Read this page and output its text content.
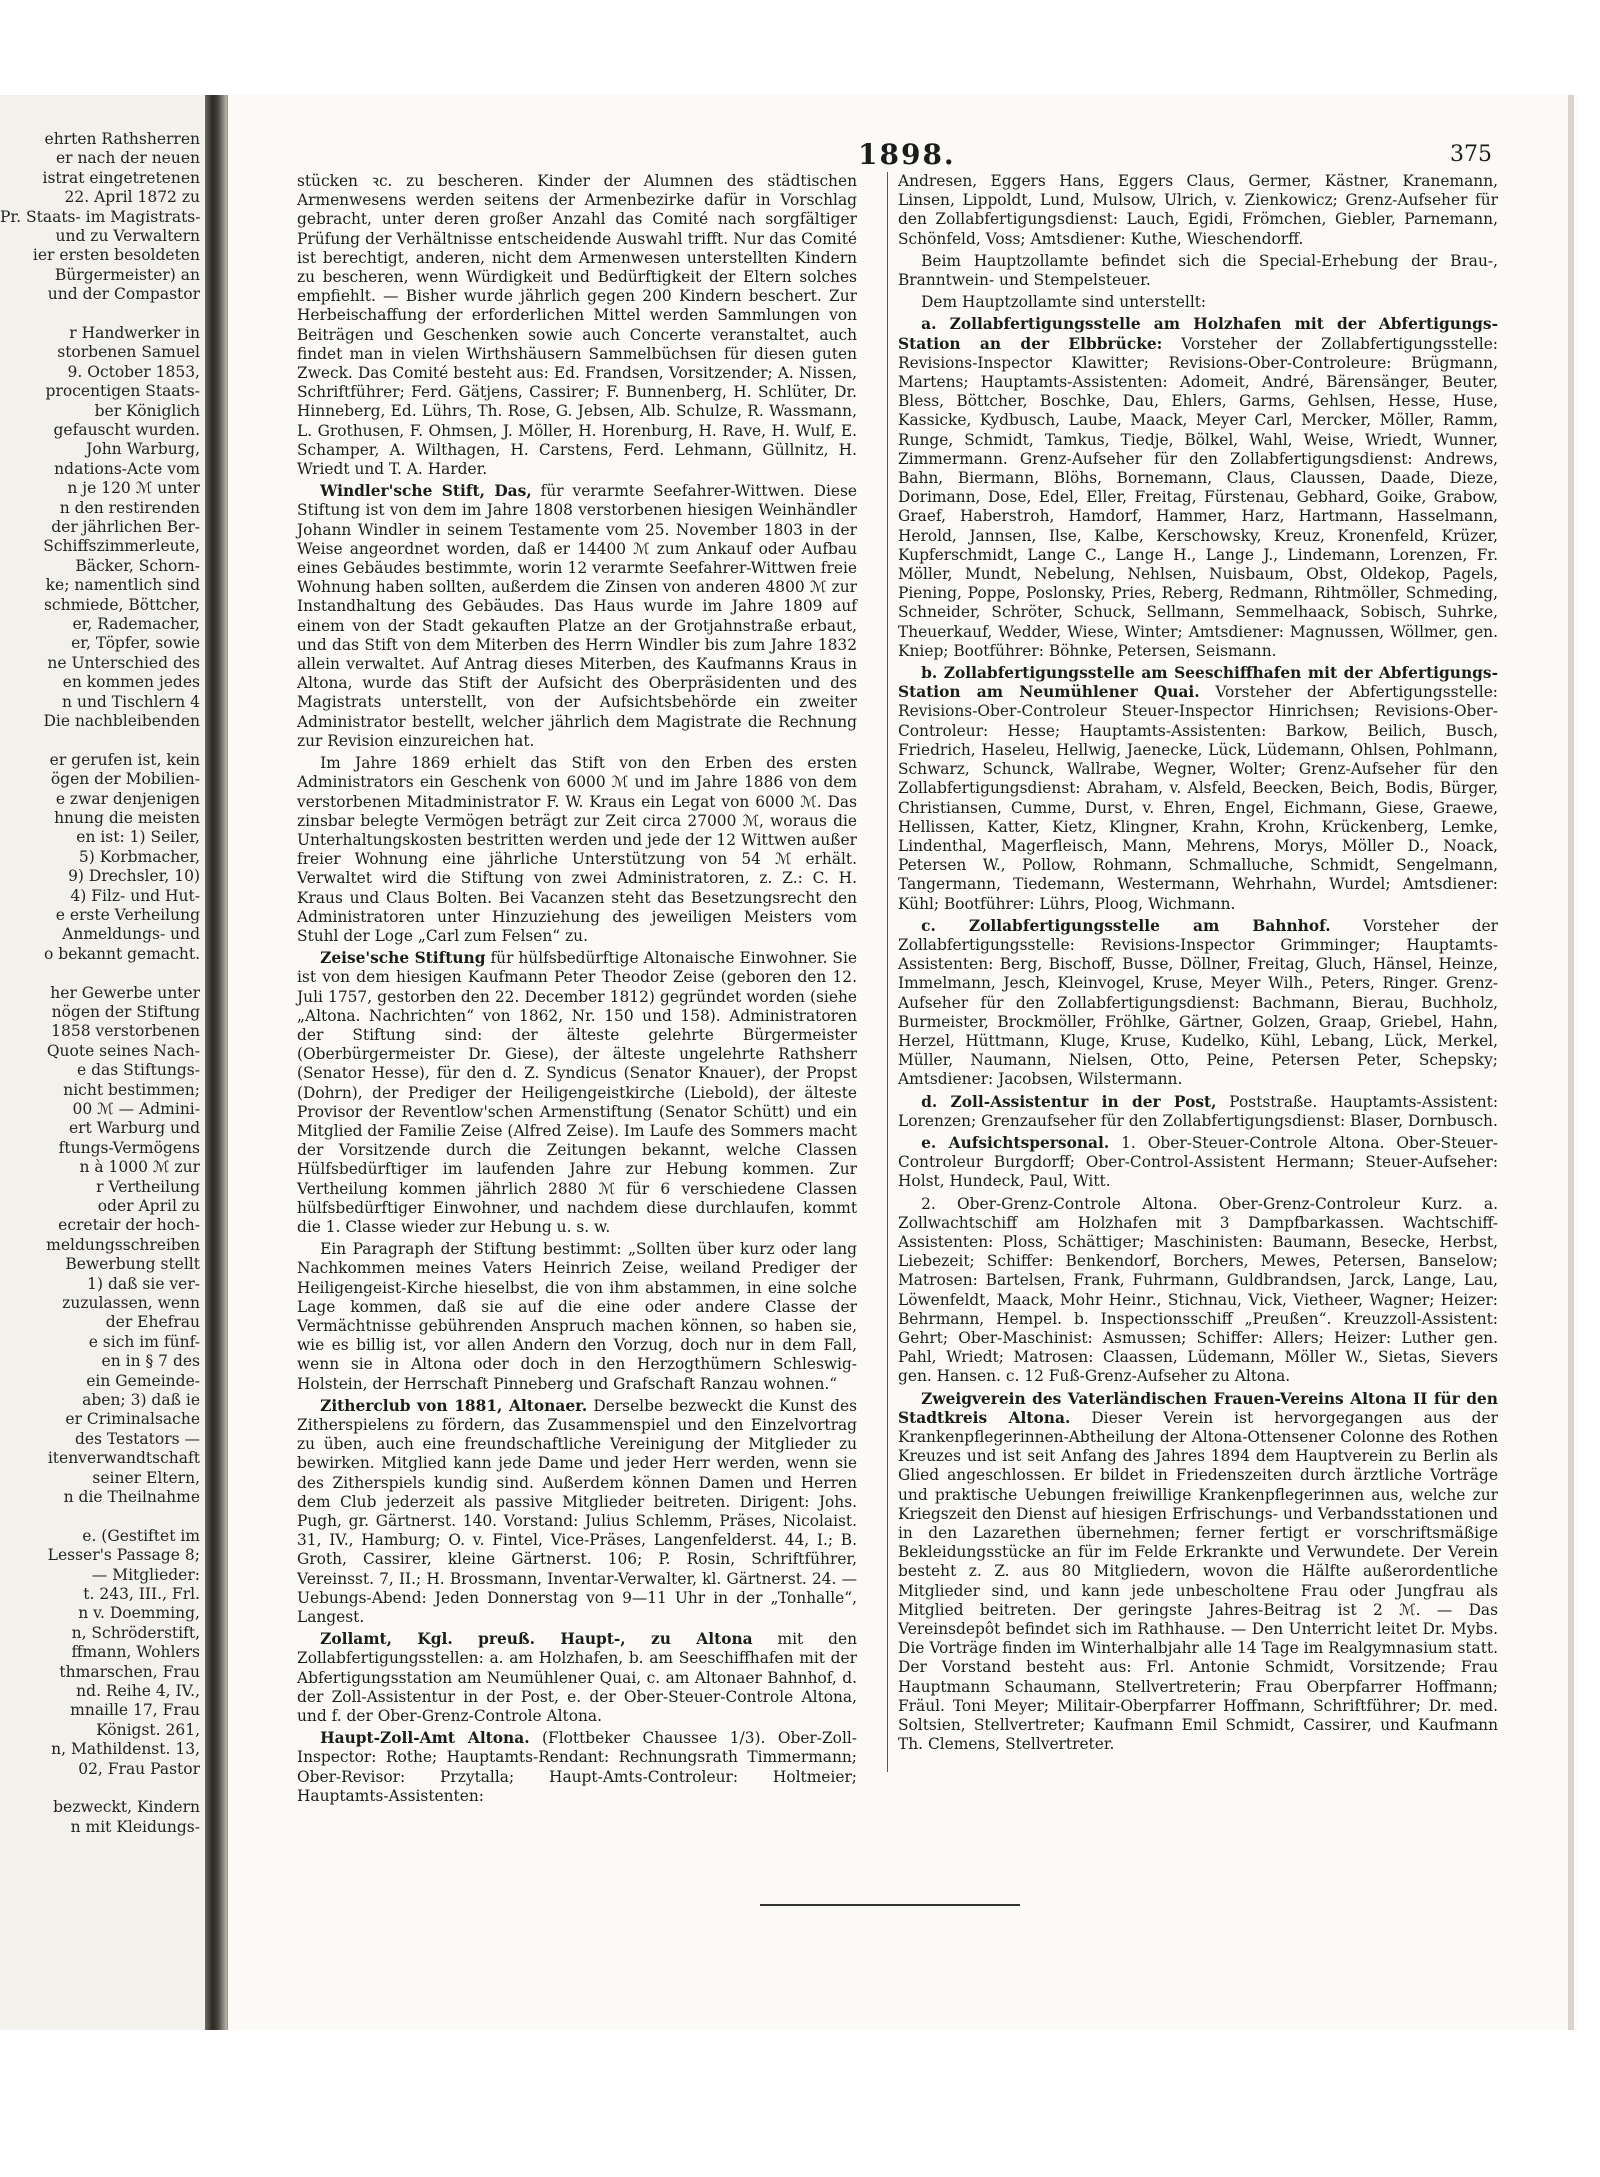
ehrten Rathsherren
er nach der neuen
istrat eingetretenen
22. April 1872 zu
Pr. Staats- im Magistrats-
und zu Verwaltern
ier ersten besoldeten
Bürgermeister) an
und der Compastor
r Handwerker in
storbenen Samuel
9. October 1853,
procentigen Staats-
ber Königlich
gefauscht wurden.
John Warburg,
ndations-Acte vom
n je 120 ℳ unter
n den restirenden
der jährlichen Ber-
Schiffszimmerleute,
Bäcker, Schorn-
ke; namentlich sind
schmiede, Böttcher,
er, Rademacher,
er, Töpfer, sowie
ne Unterschied des
en kommen jedes
n und Tischlern 4
Die nachbleibenden
er gerufen ist, kein
ögen der Mobilien-
e zwar denjenigen
hnung die meisten
en ist: 1) Seiler,
5) Korbmacher,
9) Drechsler, 10)
4) Filz- und Hut-
e erste Verheilung
Anmeldungs- und
o bekannt gemacht.
her Gewerbe unter
nögen der Stiftung
1858 verstorbenen
Quote seines Nach-
e das Stiftungs-
nicht bestimmen;
00 ℳ — Admini-
ert Warburg und
ftungs-Vermögens
n à 1000 ℳ zur
r Vertheilung
oder April zu
ecretair der hoch-
meldungsschreiben
Bewerbung stellt
1) daß sie ver-
zuzulassen, wenn
der Ehefrau
e sich im fünf-
en in § 7 des
ein Gemeinde-
aben; 3) daß ie
er Criminalsache
des Testators —
itenverwandtschaft
seiner Eltern,
n die Theilnahme
e. (Gestiftet im
Lesser's Passage 8;
— Mitglieder:
t. 243, III., Frl.
n v. Doemming,
n, Schröderstift,
ffmann, Wohlers
thmarschen, Frau
nd. Reihe 4, IV.,
mnaille 17, Frau
Königst. 261,
n, Mathildenst. 13,
02, Frau Pastor
bezweckt, Kindern
n mit Kleidungs-
1898.	375

stücken ꝛc. zu bescheren. Kinder der Alumnen des städtischen Armenwesens werden seitens der Armenbezirke dafür in Vorschlag gebracht, unter deren großer Anzahl das Comité nach sorgfältiger Prüfung der Verhältnisse entscheidende Auswahl trifft. Nur das Comité ist berechtigt, anderen, nicht dem Armenwesen unterstellten Kindern zu bescheren, wenn Würdigkeit und Bedürftigkeit der Eltern solches empfiehlt. — Bisher wurde jährlich gegen 200 Kindern beschert. Zur Herbeischaffung der erforderlichen Mittel werden Sammlungen von Beiträgen und Geschenken sowie auch Concerte veranstaltet, auch findet man in vielen Wirthshäusern Sammelbüchsen für diesen guten Zweck. Das Comité besteht aus: Ed. Frandsen, Vorsitzender; A. Nissen, Schriftführer; Ferd. Gätjens, Cassirer; F. Bunnenberg, H. Schlüter, Dr. Hinneberg, Ed. Lührs, Th. Rose, G. Jebsen, Alb. Schulze, R. Wassmann, L. Grothusen, F. Ohmsen, J. Möller, H. Horenburg, H. Rave, H. Wulf, E. Schamper, A. Wilthagen, H. Carstens, Ferd. Lehmann, Güllnitz, H. Wriedt und T. A. Harder.

Windler'sche Stift, Das, für verarmte Seefahrer-Wittwen. Diese Stiftung ist von dem im Jahre 1808 verstorbenen hiesigen Weinhändler Johann Windler in seinem Testamente vom 25. November 1803 in der Weise angeordnet worden, daß er 14400 ℳ zum Ankauf oder Aufbau eines Gebäudes bestimmte, worin 12 verarmte Seefahrer-Wittwen freie Wohnung haben sollten, außerdem die Zinsen von anderen 4800 ℳ zur Instandhaltung des Gebäudes. Das Haus wurde im Jahre 1809 auf einem von der Stadt gekauften Platze an der Grotjahnstraße erbaut, und das Stift von dem Miterben des Herrn Windler bis zum Jahre 1832 allein verwaltet. Auf Antrag dieses Miterben, des Kaufmanns Kraus in Altona, wurde das Stift der Aufsicht des Oberpräsidenten und des Magistrats unterstellt, von der Aufsichtsbehörde ein zweiter Administrator bestellt, welcher jährlich dem Magistrate die Rechnung zur Revision einzureichen hat.

Im Jahre 1869 erhielt das Stift von den Erben des ersten Administrators ein Geschenk von 6000 ℳ und im Jahre 1886 von dem verstorbenen Mitadministrator F. W. Kraus ein Legat von 6000 ℳ. Das zinsbar belegte Vermögen beträgt zur Zeit circa 27000 ℳ, woraus die Unterhaltungskosten bestritten werden und jede der 12 Wittwen außer freier Wohnung eine jährliche Unterstützung von 54 ℳ erhält. Verwaltet wird die Stiftung von zwei Administratoren, z. Z.: C. H. Kraus und Claus Bolten. Bei Vacanzen steht das Besetzungsrecht den Administratoren unter Hinzuziehung des jeweiligen Meisters vom Stuhl der Loge „Carl zum Felsen“ zu.

Zeise'sche Stiftung für hülfsbedürftige Altonaische Einwohner. Sie ist von dem hiesigen Kaufmann Peter Theodor Zeise (geboren den 12. Juli 1757, gestorben den 22. December 1812) gegründet worden (siehe „Altona. Nachrichten“ von 1862, Nr. 150 und 158). Administratoren der Stiftung sind: der älteste gelehrte Bürgermeister (Oberbürgermeister Dr. Giese), der älteste ungelehrte Rathsherr (Senator Hesse), für den d. Z. Syndicus (Senator Knauer), der Propst (Dohrn), der Prediger der Heiligengeistkirche (Liebold), der älteste Provisor der Reventlow'schen Armenstiftung (Senator Schütt) und ein Mitglied der Familie Zeise (Alfred Zeise). Im Laufe des Sommers macht der Vorsitzende durch die Zeitungen bekannt, welche Classen Hülfsbedürftiger im laufenden Jahre zur Hebung kommen. Zur Vertheilung kommen jährlich 2880 ℳ für 6 verschiedene Classen hülfsbedürftiger Einwohner, und nachdem diese durchlaufen, kommt die 1. Classe wieder zur Hebung u. s. w.

Ein Paragraph der Stiftung bestimmt: „Sollten über kurz oder lang Nachkommen meines Vaters Heinrich Zeise, weiland Prediger der Heiligengeist-Kirche hieselbst, die von ihm abstammen, in eine solche Lage kommen, daß sie auf die eine oder andere Classe der Vermächtnisse gebührenden Anspruch machen können, so haben sie, wie es billig ist, vor allen Andern den Vorzug, doch nur in dem Fall, wenn sie in Altona oder doch in den Herzogthümern Schleswig-Holstein, der Herrschaft Pinneberg und Grafschaft Ranzau wohnen.“

Zitherclub von 1881, Altonaer. Derselbe bezweckt die Kunst des Zitherspielens zu fördern, das Zusammenspiel und den Einzelvortrag zu üben, auch eine freundschaftliche Vereinigung der Mitglieder zu bewirken. Mitglied kann jede Dame und jeder Herr werden, wenn sie des Zitherspiels kundig sind. Außerdem können Damen und Herren dem Club jederzeit als passive Mitglieder beitreten. Dirigent: Johs. Pugh, gr. Gärtnerst. 140. Vorstand: Julius Schlemm, Präses, Nicolaist. 31, IV., Hamburg; O. v. Fintel, Vice-Präses, Langenfelderst. 44, I.; B. Groth, Cassirer, kleine Gärtnerst. 106; P. Rosin, Schriftführer, Vereinsst. 7, II.; H. Brossmann, Inventar-Verwalter, kl. Gärtnerst. 24. — Uebungs-Abend: Jeden Donnerstag von 9—11 Uhr in der „Tonhalle“, Langest.

Zollamt, Kgl. preuß. Haupt-, zu Altona mit den Zollabfertigungsstellen: a. am Holzhafen, b. am Seeschiffhafen mit der Abfertigungsstation am Neumühlener Quai, c. am Altonaer Bahnhof, d. der Zoll-Assistentur in der Post, e. der Ober-Steuer-Controle Altona, und f. der Ober-Grenz-Controle Altona.

Haupt-Zoll-Amt Altona. (Flottbeker Chaussee 1/3). Ober-Zoll-Inspector: Rothe; Hauptamts-Rendant: Rechnungsrath Timmermann; Ober-Revisor: Przytalla; Haupt-Amts-Controleur: Holtmeier; Hauptamts-Assistenten:

Andresen, Eggers Hans, Eggers Claus, Germer, Kästner, Kranemann, Linsen, Lippoldt, Lund, Mulsow, Ulrich, v. Zienkowicz; Grenz-Aufseher für den Zollabfertigungsdienst: Lauch, Egidi, Frömchen, Giebler, Parnemann, Schönfeld, Voss; Amtsdiener: Kuthe, Wieschendorff.

Beim Hauptzollamte befindet sich die Special-Erhebung der Brau-, Branntwein- und Stempelsteuer.

Dem Hauptzollamte sind unterstellt:

a. Zollabfertigungsstelle am Holzhafen mit der Abfertigungs-Station an der Elbbrücke: Vorsteher der Zollabfertigungsstelle: Revisions-Inspector Klawitter; Revisions-Ober-Controleure: Brügmann, Martens; Hauptamts-Assistenten: Adomeit, André, Bärensänger, Beuter, Bless, Böttcher, Boschke, Dau, Ehlers, Garms, Gehlsen, Hesse, Huse, Kassicke, Kydbusch, Laube, Maack, Meyer Carl, Mercker, Möller, Ramm, Runge, Schmidt, Tamkus, Tiedje, Bölkel, Wahl, Weise, Wriedt, Wunner, Zimmermann. Grenz-Aufseher für den Zollabfertigungsdienst: Andrews, Bahn, Biermann, Blöhs, Bornemann, Claus, Claussen, Daade, Dieze, Dorimann, Dose, Edel, Eller, Freitag, Fürstenau, Gebhard, Goike, Grabow, Graef, Haberstroh, Hamdorf, Hammer, Harz, Hartmann, Hasselmann, Herold, Jannsen, Ilse, Kalbe, Kerschowsky, Kreuz, Kronenfeld, Krüzer, Kupferschmidt, Lange C., Lange H., Lange J., Lindemann, Lorenzen, Fr. Möller, Mundt, Nebelung, Nehlsen, Nuisbaum, Obst, Oldekop, Pagels, Piening, Poppe, Poslonsky, Pries, Reberg, Redmann, Rihtmöller, Schmeding, Schneider, Schröter, Schuck, Sellmann, Semmelhaack, Sobisch, Suhrke, Theuerkauf, Wedder, Wiese, Winter; Amtsdiener: Magnussen, Wöllmer, gen. Kniep; Bootführer: Böhnke, Petersen, Seismann.

b. Zollabfertigungsstelle am Seeschiffhafen mit der Abfertigungs-Station am Neumühlener Quai. Vorsteher der Abfertigungsstelle: Revisions-Ober-Controleur Steuer-Inspector Hinrichsen; Revisions-Ober-Controleur: Hesse; Hauptamts-Assistenten: Barkow, Beilich, Busch, Friedrich, Haseleu, Hellwig, Jaenecke, Lück, Lüdemann, Ohlsen, Pohlmann, Schwarz, Schunck, Wallrabe, Wegner, Wolter; Grenz-Aufseher für den Zollabfertigungsdienst: Abraham, v. Alsfeld, Beecken, Beich, Bodis, Bürger, Christiansen, Cumme, Durst, v. Ehren, Engel, Eichmann, Giese, Graewe, Hellissen, Katter, Kietz, Klingner, Krahn, Krohn, Krückenberg, Lemke, Lindenthal, Magerfleisch, Mann, Mehrens, Morys, Möller D., Noack, Petersen W., Pollow, Rohmann, Schmalluche, Schmidt, Sengelmann, Tangermann, Tiedemann, Westermann, Wehrhahn, Wurdel; Amtsdiener: Kühl; Bootführer: Lührs, Ploog, Wichmann.

c. Zollabfertigungsstelle am Bahnhof. Vorsteher der Zollabfertigungsstelle: Revisions-Inspector Grimminger; Hauptamts-Assistenten: Berg, Bischoff, Busse, Döllner, Freitag, Gluch, Hänsel, Heinze, Immelmann, Jesch, Kleinvogel, Kruse, Meyer Wilh., Peters, Ringer. Grenz-Aufseher für den Zollabfertigungsdienst: Bachmann, Bierau, Buchholz, Burmeister, Brockmöller, Fröhlke, Gärtner, Golzen, Graap, Griebel, Hahn, Herzel, Hüttmann, Kluge, Kruse, Kudelko, Kühl, Lebang, Lück, Merkel, Müller, Naumann, Nielsen, Otto, Peine, Petersen Peter, Schepsky; Amtsdiener: Jacobsen, Wilstermann.

d. Zoll-Assistentur in der Post, Poststraße. Hauptamts-Assistent: Lorenzen; Grenzaufseher für den Zollabfertigungsdienst: Blaser, Dornbusch.

e. Aufsichtspersonal. 1. Ober-Steuer-Controle Altona. Ober-Steuer-Controleur Burgdorff; Ober-Control-Assistent Hermann; Steuer-Aufseher: Holst, Hundeck, Paul, Witt.

2. Ober-Grenz-Controle Altona. Ober-Grenz-Controleur Kurz. a. Zollwachtschiff am Holzhafen mit 3 Dampfbarkassen. Wachtschiff-Assistenten: Ploss, Schättiger; Maschinisten: Baumann, Besecke, Herbst, Liebezeit; Schiffer: Benkendorf, Borchers, Mewes, Petersen, Banselow; Matrosen: Bartelsen, Frank, Fuhrmann, Guldbrandsen, Jarck, Lange, Lau, Löwenfeldt, Maack, Mohr Heinr., Stichnau, Vick, Vietheer, Wagner; Heizer: Behrmann, Hempel. b. Inspectionsschiff „Preußen“. Kreuzzoll-Assistent: Gehrt; Ober-Maschinist: Asmussen; Schiffer: Allers; Heizer: Luther gen. Pahl, Wriedt; Matrosen: Claassen, Lüdemann, Möller W., Sietas, Sievers gen. Hansen. c. 12 Fuß-Grenz-Aufseher zu Altona.

Zweigverein des Vaterländischen Frauen-Vereins Altona II für den Stadtkreis Altona. Dieser Verein ist hervorgegangen aus der Krankenpflegerinnen-Abtheilung der Altona-Ottensener Colonne des Rothen Kreuzes und ist seit Anfang des Jahres 1894 dem Hauptverein zu Berlin als Glied angeschlossen. Er bildet in Friedenszeiten durch ärztliche Vorträge und praktische Uebungen freiwillige Krankenpflegerinnen aus, welche zur Kriegszeit den Dienst auf hiesigen Erfrischungs- und Verbandsstationen und in den Lazarethen übernehmen; ferner fertigt er vorschriftsmäßige Bekleidungsstücke an für im Felde Erkrankte und Verwundete. Der Verein besteht z. Z. aus 80 Mitgliedern, wovon die Hälfte außerordentliche Mitglieder sind, und kann jede unbescholtene Frau oder Jungfrau als Mitglied beitreten. Der geringste Jahres-Beitrag ist 2 ℳ. — Das Vereinsdepôt befindet sich im Rathhause. — Den Unterricht leitet Dr. Mybs. Die Vorträge finden im Winterhalbjahr alle 14 Tage im Realgymnasium statt. Der Vorstand besteht aus: Frl. Antonie Schmidt, Vorsitzende; Frau Hauptmann Schaumann, Stellvertreterin; Frau Oberpfarrer Hoffmann; Fräul. Toni Meyer; Militair-Oberpfarrer Hoffmann, Schriftführer; Dr. med. Soltsien, Stellvertreter; Kaufmann Emil Schmidt, Cassirer, und Kaufmann Th. Clemens, Stellvertreter.
